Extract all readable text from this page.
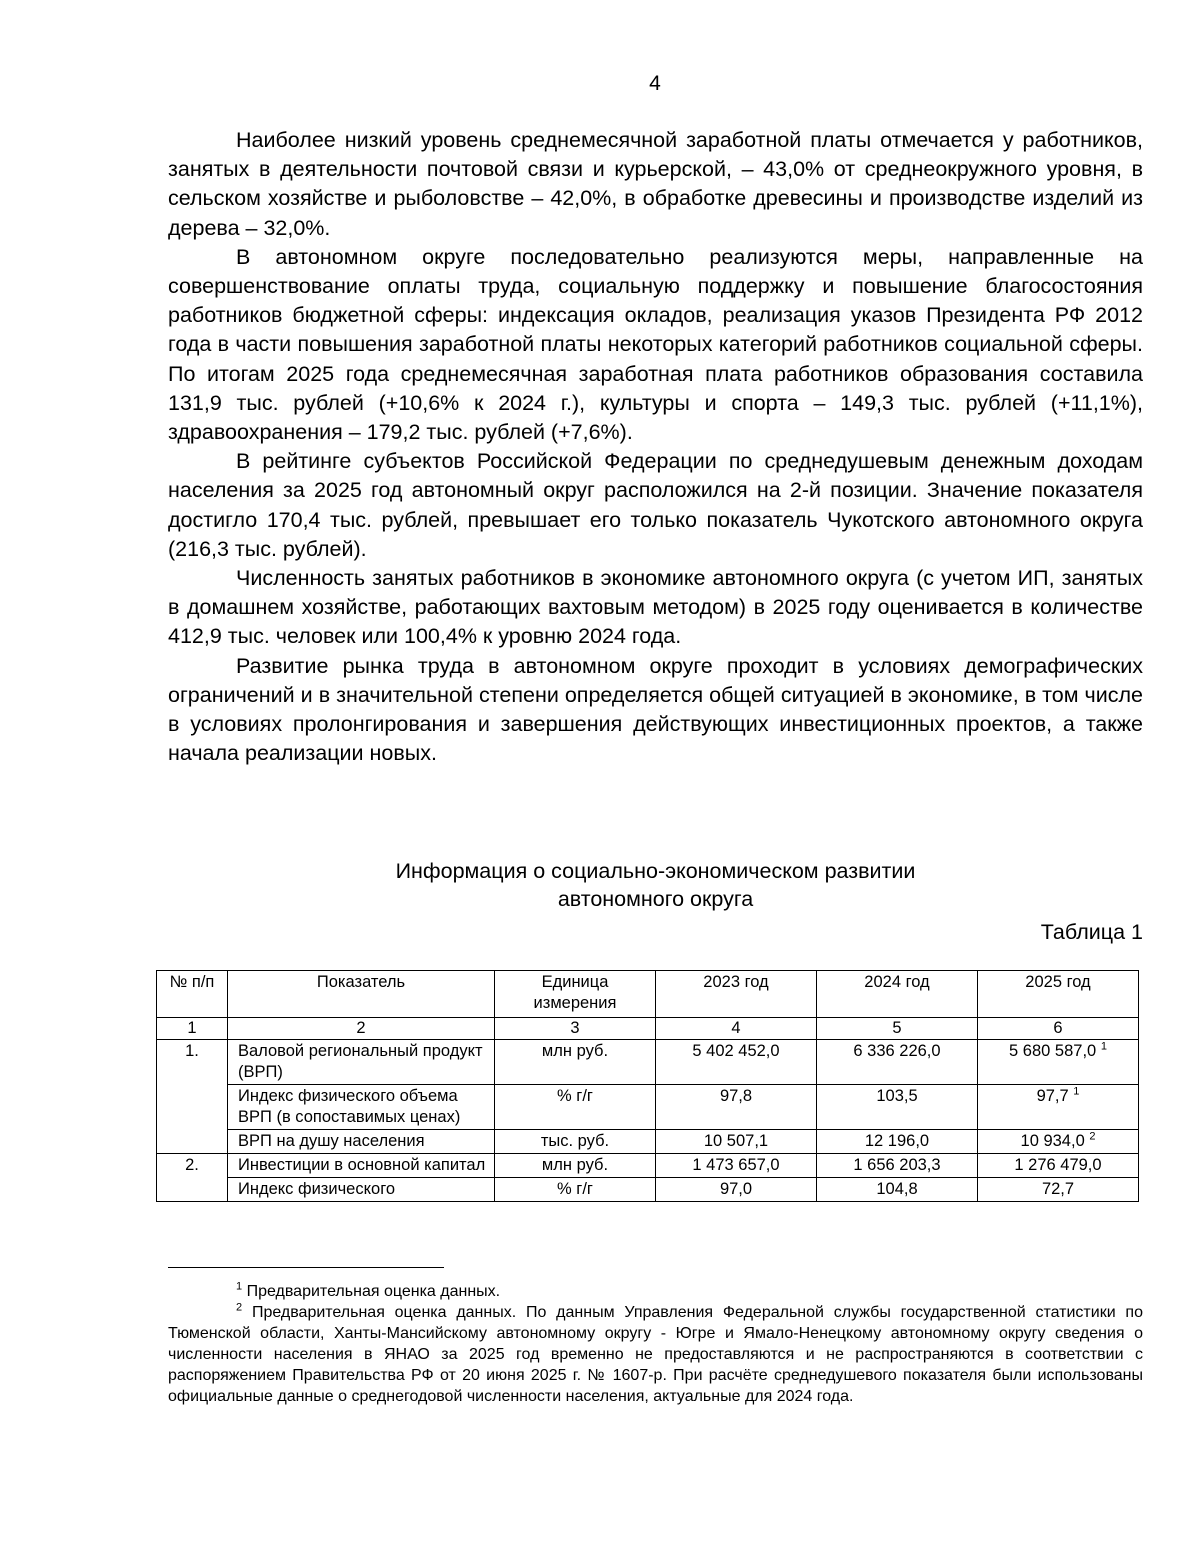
4

Наиболее низкий уровень среднемесячной заработной платы отмечается у работников, занятых в деятельности почтовой связи и курьерской, – 43,0% от среднеокружного уровня, в сельском хозяйстве и рыболовстве – 42,0%, в обработке древесины и производстве изделий из дерева – 32,0%.

В автономном округе последовательно реализуются меры, направленные на совершенствование оплаты труда, социальную поддержку и повышение благосостояния работников бюджетной сферы: индексация окладов, реализация указов Президента РФ 2012 года в части повышения заработной платы некоторых категорий работников социальной сферы. По итогам 2025 года среднемесячная заработная плата работников образования составила 131,9 тыс. рублей (+10,6% к 2024 г.), культуры и спорта – 149,3 тыс. рублей (+11,1%), здравоохранения – 179,2 тыс. рублей (+7,6%).

В рейтинге субъектов Российской Федерации по среднедушевым денежным доходам населения за 2025 год автономный округ расположился на 2-й позиции. Значение показателя достигло 170,4 тыс. рублей, превышает его только показатель Чукотского автономного округа (216,3 тыс. рублей).

Численность занятых работников в экономике автономного округа (с учетом ИП, занятых в домашнем хозяйстве, работающих вахтовым методом) в 2025 году оценивается в количестве 412,9 тыс. человек или 100,4% к уровню 2024 года.

Развитие рынка труда в автономном округе проходит в условиях демографических ограничений и в значительной степени определяется общей ситуацией в экономике, в том числе в условиях пролонгирования и завершения действующих инвестиционных проектов, а также начала реализации новых.

Информация о социально-экономическом развитии
автономного округа
Таблица 1
№ п/п	Показатель	Единица измерения	2023 год	2024 год	2025 год
1	2	3	4	5	6
1.	Валовой региональный продукт (ВРП)	млн руб.	5 402 452,0	6 336 226,0	5 680 587,0 $^1$
	Индекс физического объема ВРП (в сопоставимых ценах)	% г/г	97,8	103,5	97,7 $^1$
	ВРП на душу населения	тыс. руб.	10 507,1	12 196,0	10 934,0 $^2$
2.	Инвестиции в основной капитал	млн руб.	1 473 657,0	1 656 203,3	1 276 479,0
	Индекс физического	% г/г	97,0	104,8	72,7

$^1$ Предварительная оценка данных.

$^2$ Предварительная оценка данных. По данным Управления Федеральной службы государственной статистики по Тюменской области, Ханты-Мансийскому автономному округу - Югре и Ямало-Ненецкому автономному округу сведения о численности населения в ЯНАО за 2025 год временно не предоставляются и не распространяются в соответствии с распоряжением Правительства РФ от 20 июня 2025 г. № 1607-р. При расчёте среднедушевого показателя были использованы официальные данные о среднегодовой численности населения, актуальные для 2024 года.
